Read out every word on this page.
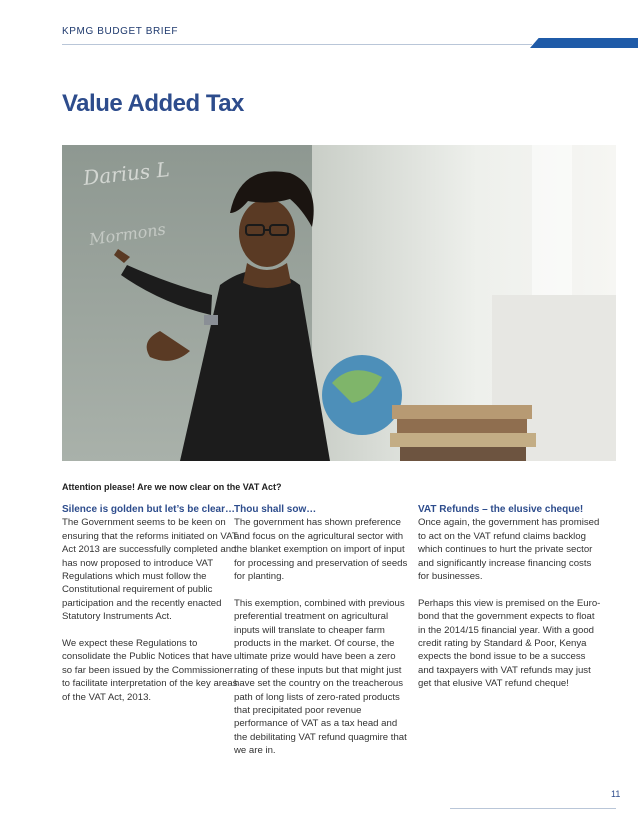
KPMG BUDGET BRIEF
Value Added Tax
Darius L
Mormons
Attention please! Are we now clear on the VAT Act?
Silence is golden but let’s be clear…

The Government seems to be keen on ensuring that the reforms initiated on VAT Act 2013 are successfully completed and has now proposed to introduce VAT Regulations which must follow the Constitutional requirement of public participation and the recently enacted Statutory Instruments Act.

We expect these Regulations to consolidate the Public Notices that have so far been issued by the Commissioner to facilitate interpretation of the key areas of the VAT Act, 2013.

Thou shall sow…

The government has shown preference and focus on the agricultural sector with the blanket exemption on import of input for processing and preservation of seeds for planting.

This exemption, combined with previous preferential treatment on agricultural inputs will translate to cheaper farm products in the market. Of course, the ultimate prize would have been a zero rating of these inputs but that might just have set the country on the treacherous path of long lists of zero-rated products that precipitated poor revenue performance of VAT as a tax head and the debilitating VAT refund quagmire that we are in.

VAT Refunds – the elusive cheque!

Once again, the government has promised to act on the VAT refund claims backlog which continues to hurt the private sector and significantly increase financing costs for businesses.

Perhaps this view is premised on the Euro-bond that the government expects to float in the 2014/15 financial year. With a good credit rating by Standard & Poor, Kenya expects the bond issue to be a success and taxpayers with VAT refunds may just get that elusive VAT refund cheque!

11
